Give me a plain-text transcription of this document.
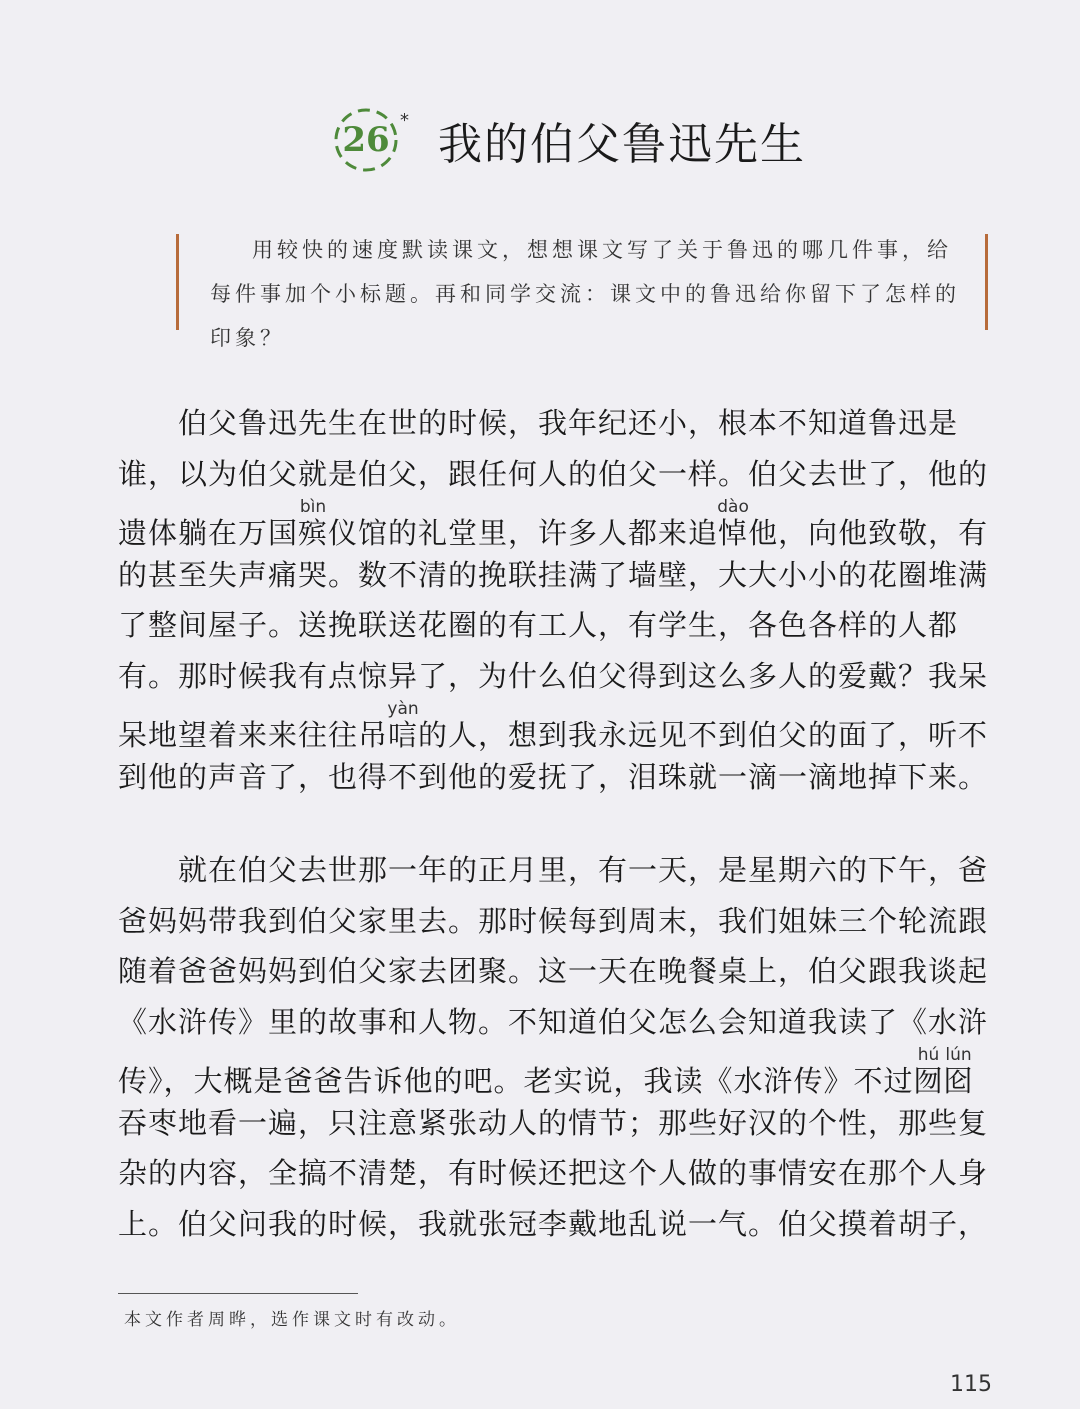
26 * 我的伯父鲁迅先生
用较快的速度默读课文，想想课文写了关于鲁迅的哪几件事，给每件事加个小标题。再和同学交流：课文中的鲁迅给你留下了怎样的印象？
伯父鲁迅先生在世的时候，我年纪还小，根本不知道鲁迅是
谁，以为伯父就是伯父，跟任何人的伯父一样。伯父去世了，他的
遗体躺在万国殡bìn仪馆的礼堂里，许多人都来追悼dào他，向他致敬，有
的甚至失声痛哭。数不清的挽联挂满了墙壁，大大小小的花圈堆满
了整间屋子。送挽联送花圈的有工人，有学生，各色各样的人都
有。那时候我有点惊异了，为什么伯父得到这么多人的爱戴？我呆
呆地望着来来往往吊唁yàn的人，想到我永远见不到伯父的面了，听不
到他的声音了，也得不到他的爱抚了，泪珠就一滴一滴地掉下来。
就在伯父去世那一年的正月里，有一天，是星期六的下午，爸
爸妈妈带我到伯父家里去。那时候每到周末，我们姐妹三个轮流跟
随着爸爸妈妈到伯父家去团聚。这一天在晚餐桌上，伯父跟我谈起
《水浒传》里的故事和人物。不知道伯父怎么会知道我读了《水浒
传》，大概是爸爸告诉他的吧。老实说，我读《水浒传》不过囫hú囵lún
吞枣地看一遍，只注意紧张动人的情节；那些好汉的个性，那些复
杂的内容，全搞不清楚，有时候还把这个人做的事情安在那个人身
上。伯父问我的时候，我就张冠李戴地乱说一气。伯父摸着胡子，
本文作者周晔，选作课文时有改动。
115
